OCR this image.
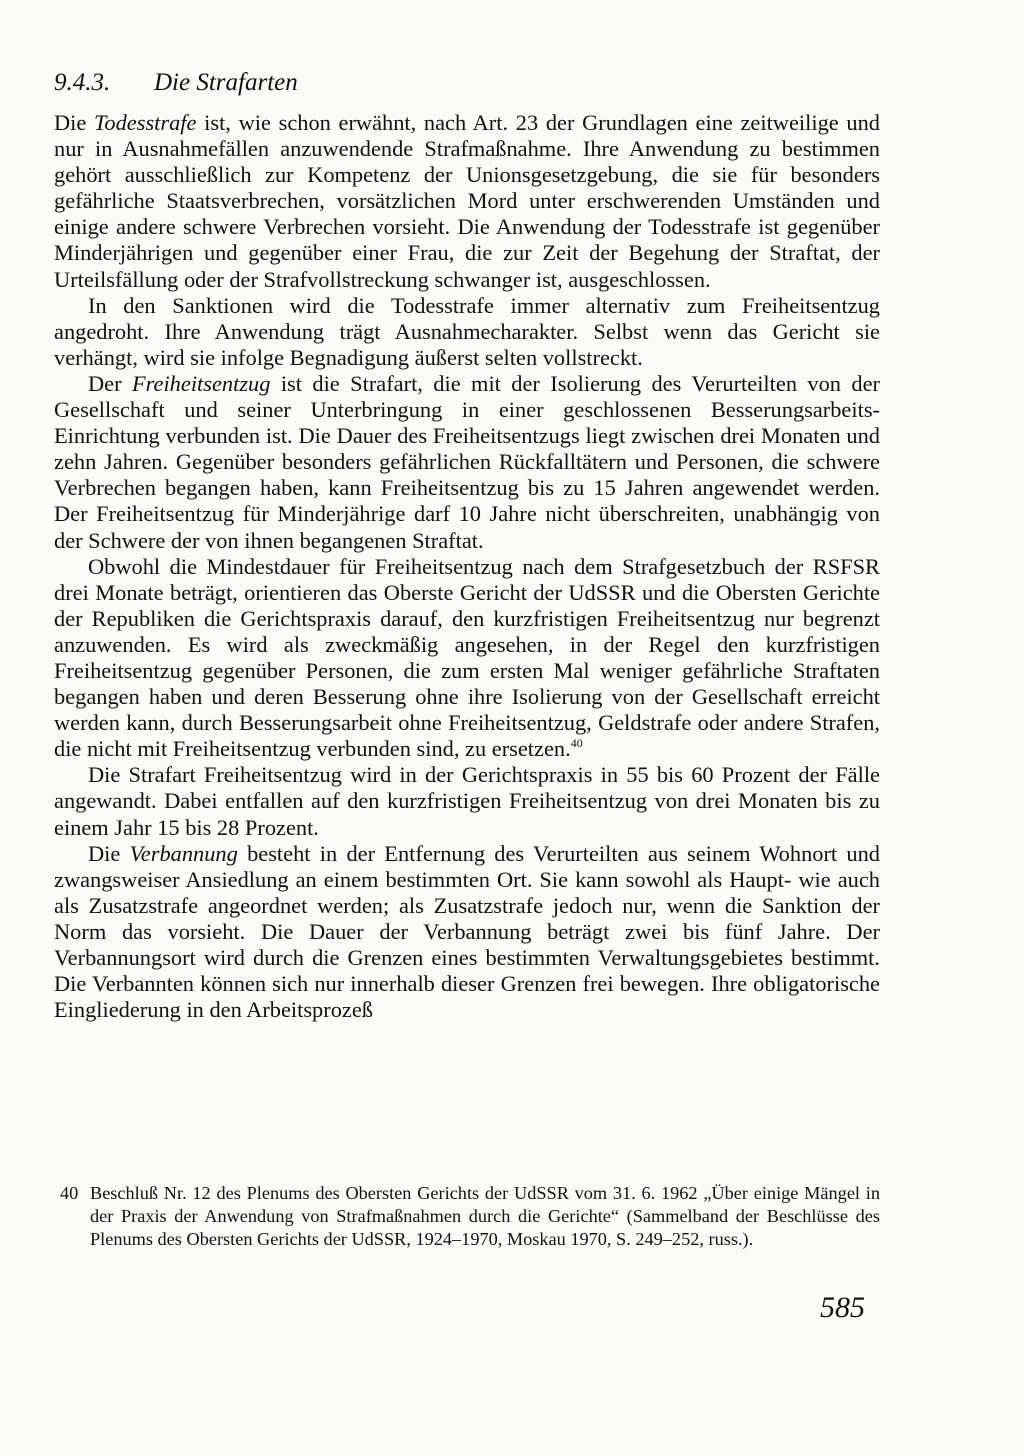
9.4.3. Die Strafarten

Die Todesstrafe ist, wie schon erwähnt, nach Art. 23 der Grundlagen eine zeitweilige und nur in Ausnahmefällen anzuwendende Strafmaßnahme. Ihre Anwendung zu bestimmen gehört ausschließlich zur Kompetenz der Unionsgesetzgebung, die sie für besonders gefährliche Staatsverbrechen, vorsätzlichen Mord unter erschwerenden Umständen und einige andere schwere Verbrechen vorsieht. Die Anwendung der Todesstrafe ist gegenüber Minderjährigen und gegenüber einer Frau, die zur Zeit der Begehung der Straftat, der Urteilsfällung oder der Strafvollstreckung schwanger ist, ausgeschlossen.

In den Sanktionen wird die Todesstrafe immer alternativ zum Freiheitsentzug angedroht. Ihre Anwendung trägt Ausnahmecharakter. Selbst wenn das Gericht sie verhängt, wird sie infolge Begnadigung äußerst selten vollstreckt.

Der Freiheitsentzug ist die Strafart, die mit der Isolierung des Verurteilten von der Gesellschaft und seiner Unterbringung in einer geschlossenen Besserungsarbeits-Einrichtung verbunden ist. Die Dauer des Freiheitsentzugs liegt zwischen drei Monaten und zehn Jahren. Gegenüber besonders gefährlichen Rückfalltätern und Personen, die schwere Verbrechen begangen haben, kann Freiheitsentzug bis zu 15 Jahren angewendet werden. Der Freiheitsentzug für Minderjährige darf 10 Jahre nicht überschreiten, unabhängig von der Schwere der von ihnen begangenen Straftat.

Obwohl die Mindestdauer für Freiheitsentzug nach dem Strafgesetzbuch der RSFSR drei Monate beträgt, orientieren das Oberste Gericht der UdSSR und die Obersten Gerichte der Republiken die Gerichtspraxis darauf, den kurzfristigen Freiheitsentzug nur begrenzt anzuwenden. Es wird als zweckmäßig angesehen, in der Regel den kurzfristigen Freiheitsentzug gegenüber Personen, die zum ersten Mal weniger gefährliche Straftaten begangen haben und deren Besserung ohne ihre Isolierung von der Gesellschaft erreicht werden kann, durch Besserungsarbeit ohne Freiheitsentzug, Geldstrafe oder andere Strafen, die nicht mit Freiheitsentzug verbunden sind, zu ersetzen.$^{40}$

Die Strafart Freiheitsentzug wird in der Gerichtspraxis in 55 bis 60 Prozent der Fälle angewandt. Dabei entfallen auf den kurzfristigen Freiheitsentzug von drei Monaten bis zu einem Jahr 15 bis 28 Prozent.

Die Verbannung besteht in der Entfernung des Verurteilten aus seinem Wohnort und zwangsweiser Ansiedlung an einem bestimmten Ort. Sie kann sowohl als Haupt- wie auch als Zusatzstrafe angeordnet werden; als Zusatzstrafe jedoch nur, wenn die Sanktion der Norm das vorsieht. Die Dauer der Verbannung beträgt zwei bis fünf Jahre. Der Verbannungsort wird durch die Grenzen eines bestimmten Verwaltungsgebietes bestimmt. Die Verbannten können sich nur innerhalb dieser Grenzen frei bewegen. Ihre obligatorische Eingliederung in den Arbeitsprozeß

40 Beschluß Nr. 12 des Plenums des Obersten Gerichts der UdSSR vom 31. 6. 1962 „Über einige Mängel in der Praxis der Anwendung von Strafmaßnahmen durch die Gerichte“ (Sammelband der Beschlüsse des Plenums des Obersten Gerichts der UdSSR, 1924–1970, Moskau 1970, S. 249–252, russ.).
585
